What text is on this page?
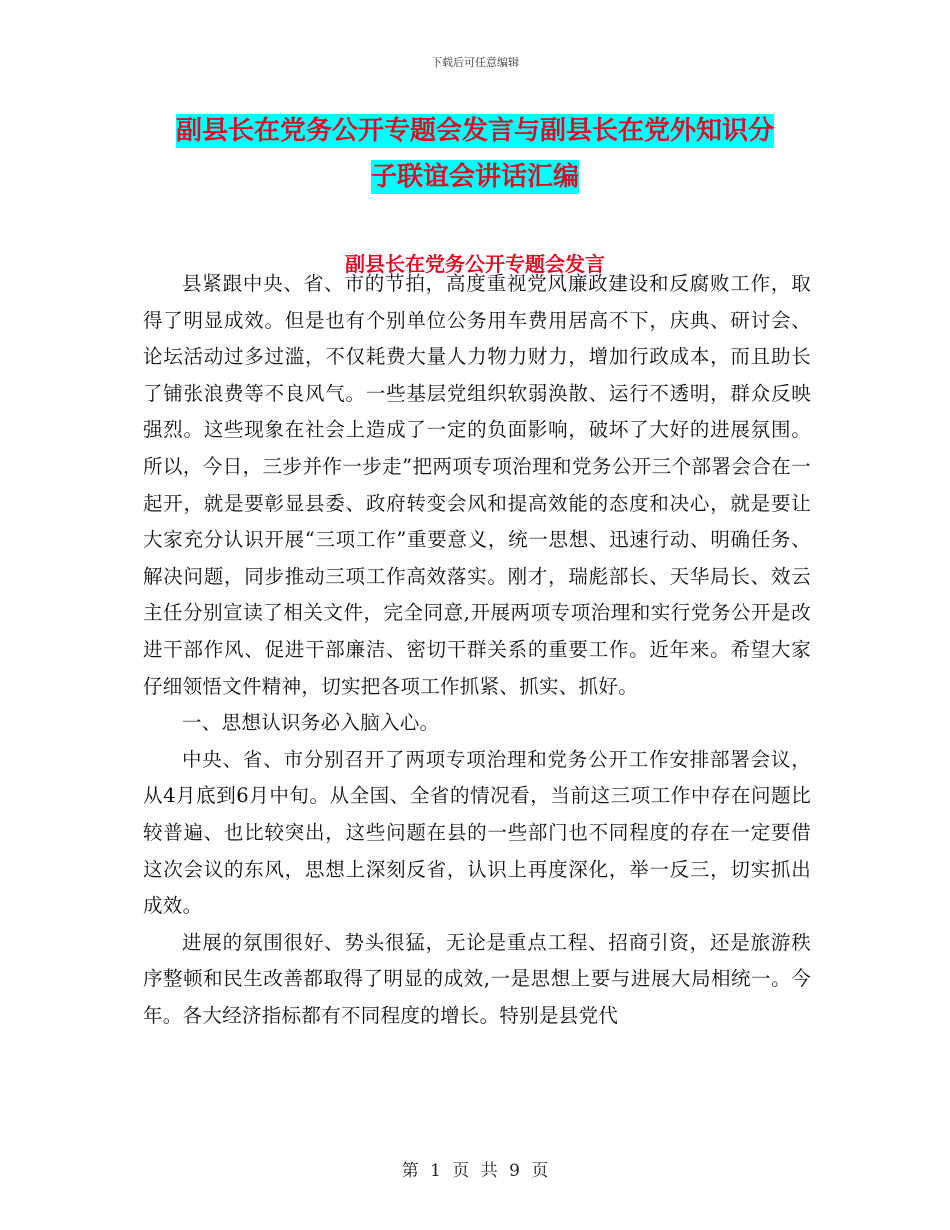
下载后可任意编辑
副县长在党务公开专题会发言与副县长在党外知识分
子联谊会讲话汇编
副县长在党务公开专题会发言

县紧跟中央、省、市的节拍，高度重视党风廉政建设和反腐败工作，取得了明显成效。但是也有个别单位公务用车费用居高不下，庆典、研讨会、论坛活动过多过滥，不仅耗费大量人力物力财力，增加行政成本，而且助长了铺张浪费等不良风气。一些基层党组织软弱涣散、运行不透明，群众反映强烈。这些现象在社会上造成了一定的负面影响，破坏了大好的进展氛围。所以，今日，三步并作一步走”把两项专项治理和党务公开三个部署会合在一起开，就是要彰显县委、政府转变会风和提高效能的态度和决心，就是要让大家充分认识开展“三项工作”重要意义，统一思想、迅速行动、明确任务、解决问题，同步推动三项工作高效落实。刚才，瑞彪部长、天华局长、效云主任分别宣读了相关文件，完全同意,开展两项专项治理和实行党务公开是改进干部作风、促进干部廉洁、密切干群关系的重要工作。近年来。希望大家仔细领悟文件精神，切实把各项工作抓紧、抓实、抓好。

一、思想认识务必入脑入心。

中央、省、市分别召开了两项专项治理和党务公开工作安排部署会议，从4月底到6月中旬。从全国、全省的情况看，当前这三项工作中存在问题比较普遍、也比较突出，这些问题在县的一些部门也不同程度的存在一定要借这次会议的东风，思想上深刻反省，认识上再度深化，举一反三，切实抓出成效。

进展的氛围很好、势头很猛，无论是重点工程、招商引资，还是旅游秩序整顿和民生改善都取得了明显的成效,一是思想上要与进展大局相统一。今年。各大经济指标都有不同程度的增长。特别是县党代

第 1 页 共 9 页
